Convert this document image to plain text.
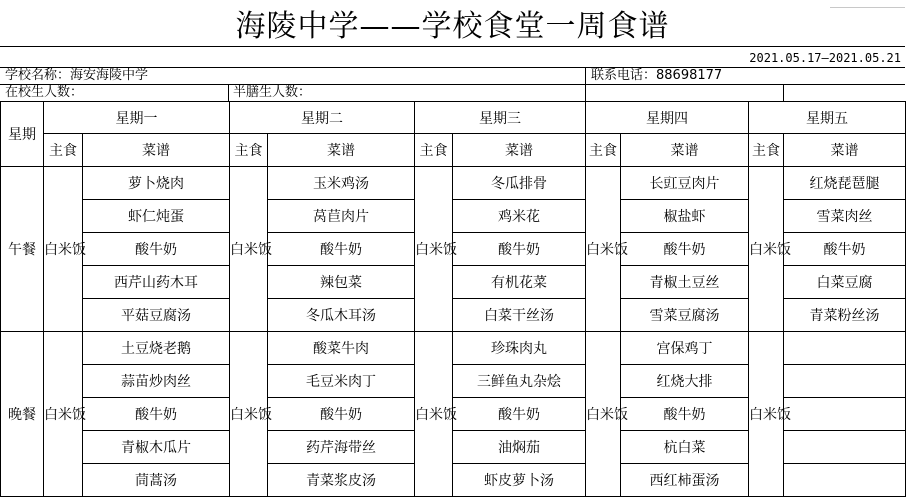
海陵中学——学校食堂一周食谱
2021.05.17—2021.05.21
学校名称：海安海陵中学	联系电话：88698177
在校生人数：	半膳生人数：
星期	星期一		星期二		星期三		星期四		星期五	
	主食	菜谱	主食	菜谱	主食	菜谱	主食	菜谱	主食	菜谱
午餐	白米饭	萝卜烧肉	白米饭	玉米鸡汤	白米饭	冬瓜排骨	白米饭	长豇豆肉片	白米饭	红烧琵琶腿
		虾仁炖蛋		莴苣肉片		鸡米花		椒盐虾		雪菜肉丝
		酸牛奶		酸牛奶		酸牛奶		酸牛奶		酸牛奶
		西芹山药木耳		辣包菜		有机花菜		青椒土豆丝		白菜豆腐
		平菇豆腐汤		冬瓜木耳汤		白菜干丝汤		雪菜豆腐汤		青菜粉丝汤
晚餐	白米饭	土豆烧老鹅	白米饭	酸菜牛肉	白米饭	珍珠肉丸	白米饭	宫保鸡丁	白米饭	
		蒜苗炒肉丝		毛豆米肉丁		三鲜鱼丸杂烩		红烧大排		
		酸牛奶		酸牛奶		酸牛奶		酸牛奶		
		青椒木瓜片		药芹海带丝		油焖茄		杭白菜		
		茼蒿汤		青菜浆皮汤		虾皮萝卜汤		西红柿蛋汤		
